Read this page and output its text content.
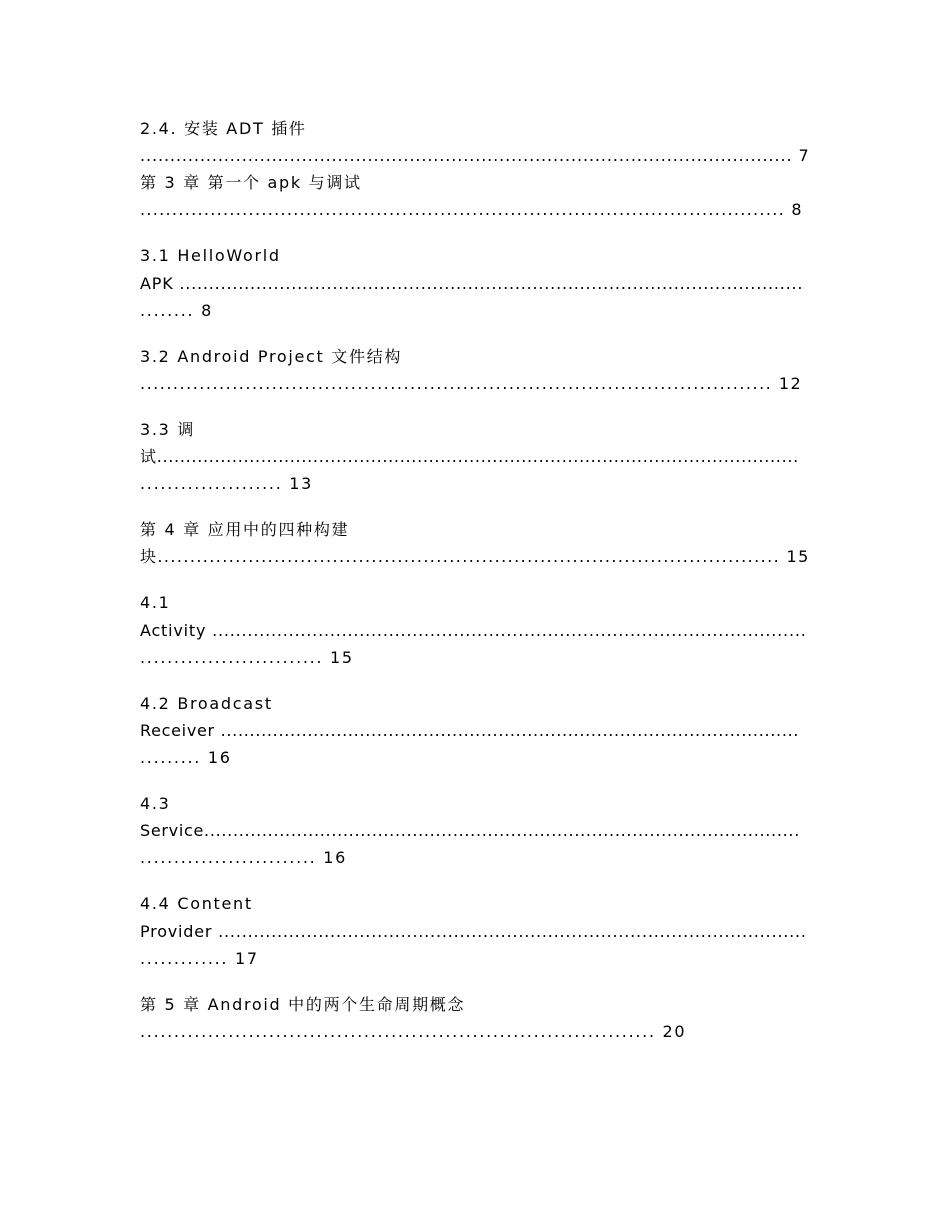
2.4. 安装 ADT 插件
............................................................................................................. 7
第 3 章 第一个 apk 与调试
..................................................................................................... 8
3.1 HelloWorld
APK ..........................................................................................................
........ 8
3.2 Android Project 文件结构
................................................................................................ 12
3.3 调
试...............................................................................................................
..................... 13
第 4 章 应用中的四种构建
块................................................................................................ 15
4.1
Activity .....................................................................................................
........................... 15
4.2 Broadcast
Receiver ....................................................................................................
......... 16
4.3
Service.......................................................................................................
.......................... 16
4.4 Content
Provider ....................................................................................................
............. 17
第 5 章 Android 中的两个生命周期概念
............................................................................ 20
